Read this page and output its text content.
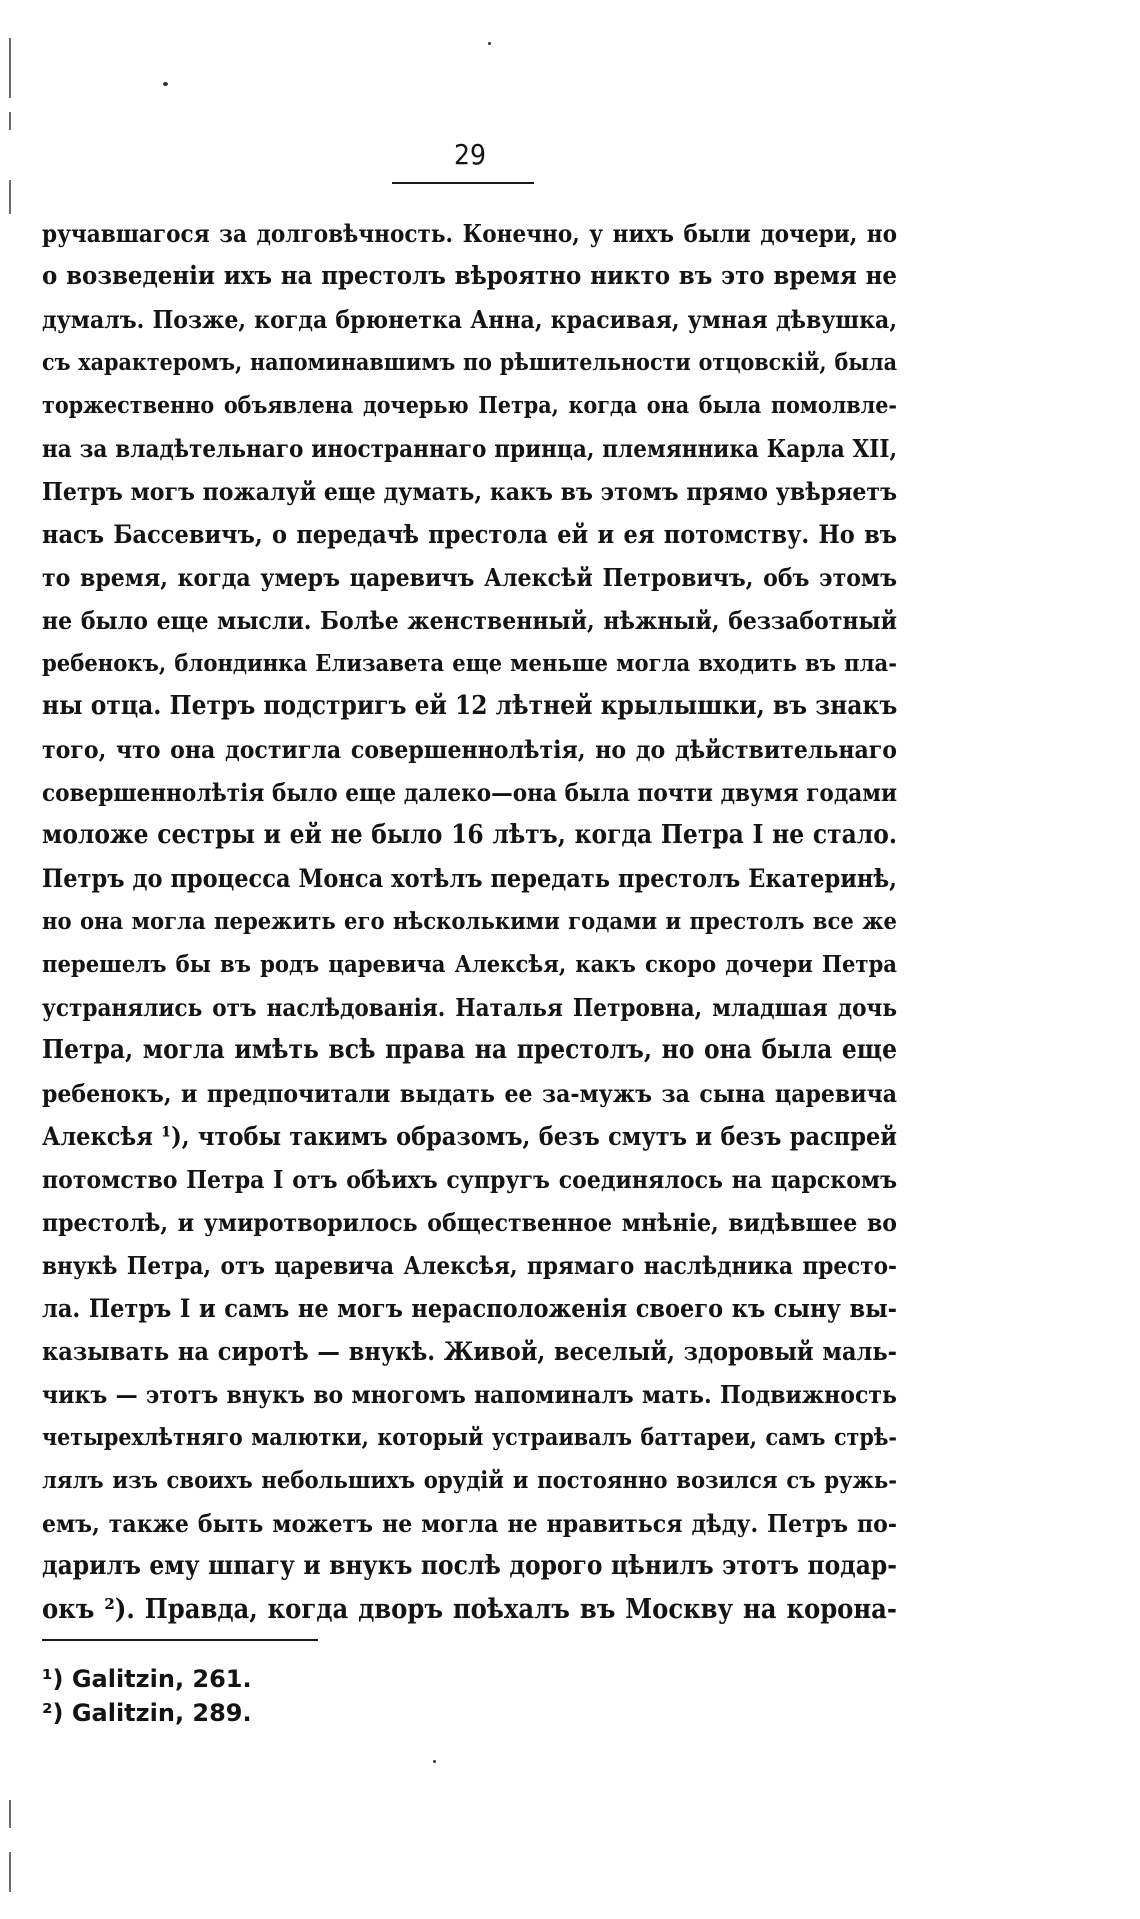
29
ручавшагося за долговѣчность. Конечно, у нихъ были дочери, но
о возведеніи ихъ на престолъ вѣроятно никто въ это время не
думалъ. Позже, когда брюнетка Анна, красивая, умная дѣвушка,
съ характеромъ, напоминавшимъ по рѣшительности отцовскій, была
торжественно объявлена дочерью Петра, когда она была помолвле-
на за владѣтельнаго иностраннаго принца, племянника Карла XII,
Петръ могъ пожалуй еще думать, какъ въ этомъ прямо увѣряетъ
насъ Бассевичъ, о передачѣ престола ей и ея потомству. Но въ
то время, когда умеръ царевичъ Алексѣй Петровичъ, объ этомъ
не было еще мысли. Болѣе женственный, нѣжный, беззаботный
ребенокъ, блондинка Елизавета еще меньше могла входить въ пла-
ны отца. Петръ подстригъ ей 12 лѣтней крылышки, въ знакъ
того, что она достигла совершеннолѣтія, но до дѣйствительнаго
совершеннолѣтія было еще далеко—она была почти двумя годами
моложе сестры и ей не было 16 лѣтъ, когда Петра I не стало.
Петръ до процесса Монса хотѣлъ передать престолъ Екатеринѣ,
но она могла пережить его нѣсколькими годами и престолъ все же
перешелъ бы въ родъ царевича Алексѣя, какъ скоро дочери Петра
устранялись отъ наслѣдованія. Наталья Петровна, младшая дочь
Петра, могла имѣть всѣ права на престолъ, но она была еще
ребенокъ, и предпочитали выдать ее за-мужъ за сына царевича
Алексѣя ¹), чтобы такимъ образомъ, безъ смутъ и безъ распрей
потомство Петра I отъ обѣихъ супругъ соединялось на царскомъ
престолѣ, и умиротворилось общественное мнѣніе, видѣвшее во
внукѣ Петра, отъ царевича Алексѣя, прямаго наслѣдника престо-
ла. Петръ I и самъ не могъ нерасположенія своего къ сыну вы-
казывать на сиротѣ — внукѣ. Живой, веселый, здоровый маль-
чикъ — этотъ внукъ во многомъ напоминалъ мать. Подвижность
четырехлѣтняго малютки, который устраивалъ баттареи, самъ стрѣ-
лялъ изъ своихъ небольшихъ орудій и постоянно возился съ ружь-
емъ, также быть можетъ не могла не нравиться дѣду. Петръ по-
дарилъ ему шпагу и внукъ послѣ дорого цѣнилъ этотъ подар-
окъ ²). Правда, когда дворъ поѣхалъ въ Москву на корона-
¹) Galitzin, 261.
²) Galitzin, 289.
